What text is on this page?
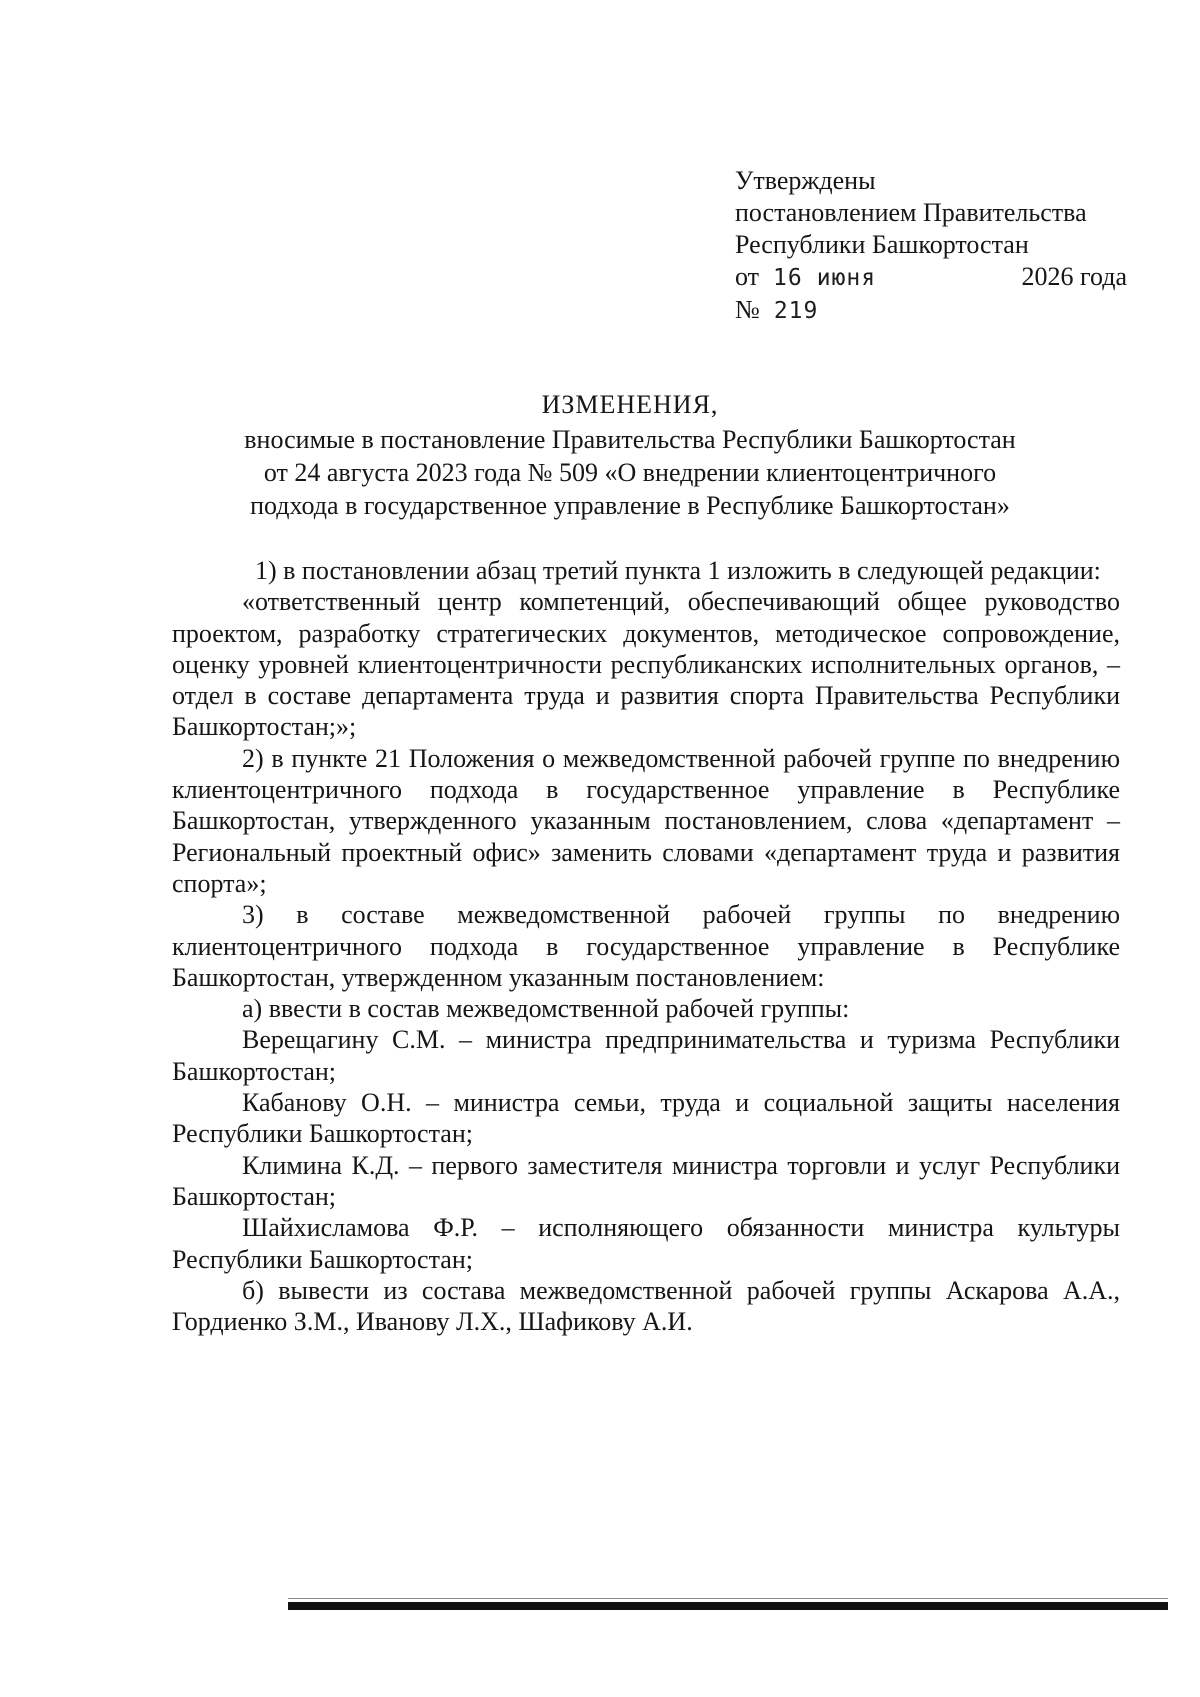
Утверждены
постановлением Правительства
Республики Башкортостан
от 16 июня	2026 года
№ 219
ИЗМЕНЕНИЯ,
вносимые в постановление Правительства Республики Башкортостан
от 24 августа 2023 года № 509 «О внедрении клиентоцентричного
подхода в государственное управление в Республике Башкортостан»

1) в постановлении абзац третий пункта 1 изложить в следующей редакции:

«ответственный центр компетенций, обеспечивающий общее руководство проектом, разработку стратегических документов, методическое сопровождение, оценку уровней клиентоцентричности республиканских исполнительных органов, – отдел в составе департамента труда и развития спорта Правительства Республики Башкортостан;»;

2) в пункте 21 Положения о межведомственной рабочей группе по внедрению клиентоцентричного подхода в государственное управление в Республике Башкортостан, утвержденного указанным постановлением, слова «департамент – Региональный проектный офис» заменить словами «департамент труда и развития спорта»;

3) в составе межведомственной рабочей группы по внедрению клиентоцентричного подхода в государственное управление в Республике Башкортостан, утвержденном указанным постановлением:

а) ввести в состав межведомственной рабочей группы:

Верещагину С.М. – министра предпринимательства и туризма Республики Башкортостан;

Кабанову О.Н. – министра семьи, труда и социальной защиты населения Республики Башкортостан;

Климина К.Д. – первого заместителя министра торговли и услуг Республики Башкортостан;

Шайхисламова Ф.Р. – исполняющего обязанности министра культуры Республики Башкортостан;

б) вывести из состава межведомственной рабочей группы Аскарова А.А., Гордиенко З.М., Иванову Л.Х., Шафикову А.И.
